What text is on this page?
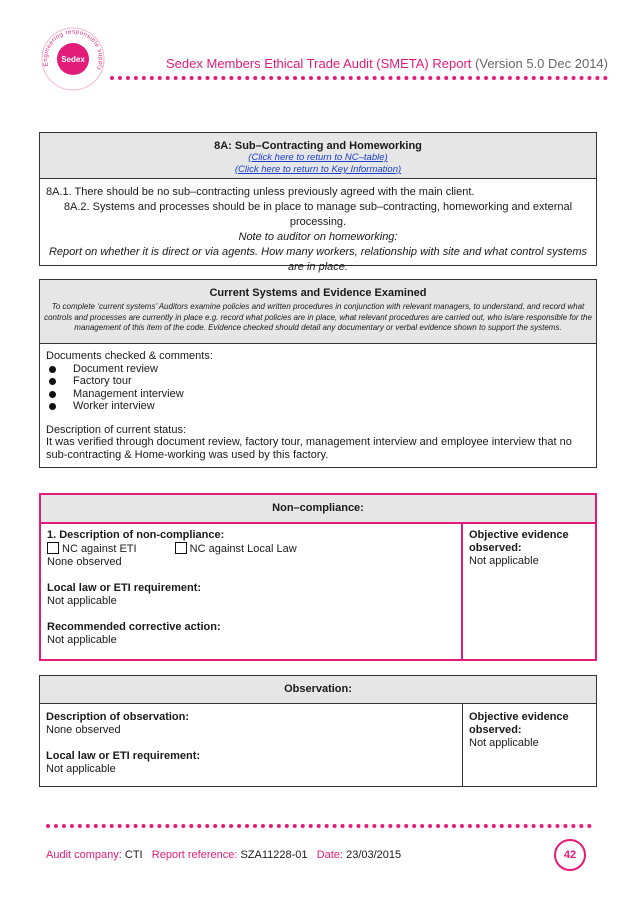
Engineering responsible supply
Sedex	Sedex Members Ethical Trade Audit (SMETA) Report (Version 5.0 Dec 2014)
8A: Sub–Contracting and Homeworking
(Click here to return to NC–table)
(Click here to return to Key Information)
8A.1. There should be no sub–contracting unless previously agreed with the main client.
8A.2. Systems and processes should be in place to manage sub–contracting, homeworking and external processing.
Note to auditor on homeworking:
Report on whether it is direct or via agents. How many workers, relationship with site and what control systems are in place.
Current Systems and Evidence Examined
To complete ‘current systems’ Auditors examine policies and written procedures in conjunction with relevant managers, to understand, and record what controls and processes are currently in place e.g. record what policies are in place, what relevant procedures are carried out, who is/are responsible for the management of this item of the code. Evidence checked should detail any documentary or verbal evidence shown to support the systems.
Documents checked & comments:
Document review
Factory tour
Management interview
Worker interview
Description of current status:
It was verified through document review, factory tour, management interview and employee interview that no sub-contracting & Home-working was used by this factory.
Non–compliance:
1. Description of non-compliance:
NC against ETI	NC against Local Law
None observed
Local law or ETI requirement:
Not applicable
Recommended corrective action:
Not applicable
Objective evidence observed:
Not applicable
Observation:
Description of observation:
None observed
Local law or ETI requirement:
Not applicable
Objective evidence observed:
Not applicable
Audit company: CTI Report reference: SZA11228-01 Date: 23/03/2015	42
